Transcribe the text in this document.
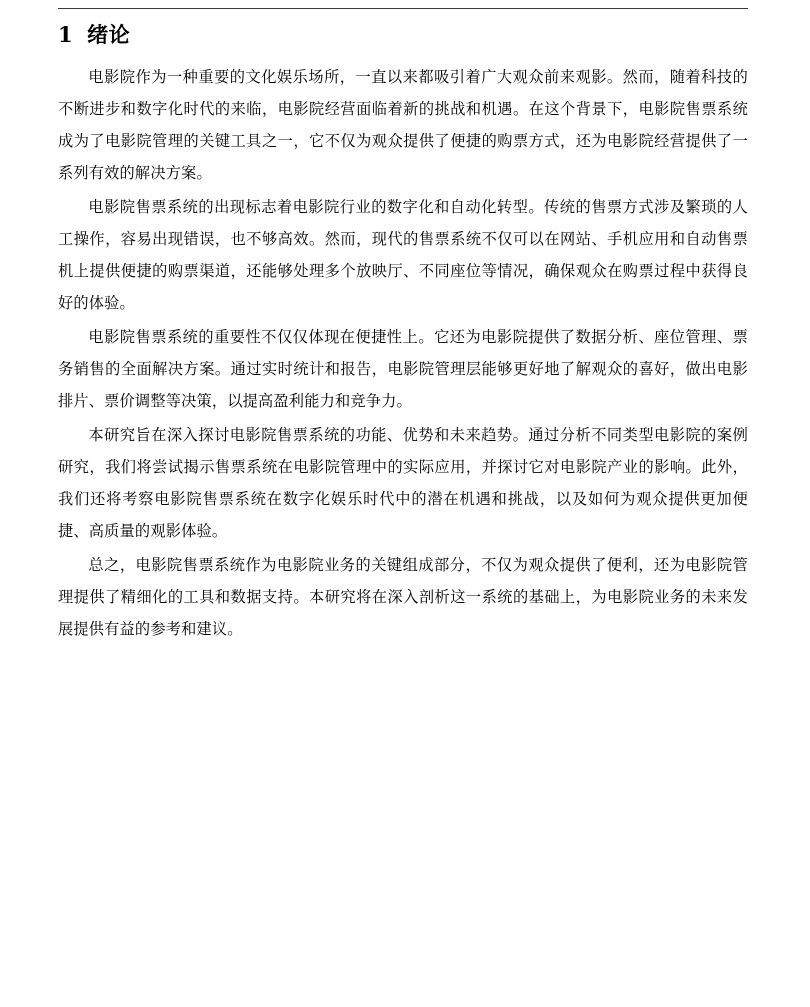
1 绪论

电影院作为一种重要的文化娱乐场所，一直以来都吸引着广大观众前来观影。然而，随着科技的不断进步和数字化时代的来临，电影院经营面临着新的挑战和机遇。在这个背景下，电影院售票系统成为了电影院管理的关键工具之一，它不仅为观众提供了便捷的购票方式，还为电影院经营提供了一系列有效的解决方案。

电影院售票系统的出现标志着电影院行业的数字化和自动化转型。传统的售票方式涉及繁琐的人工操作，容易出现错误，也不够高效。然而，现代的售票系统不仅可以在网站、手机应用和自动售票机上提供便捷的购票渠道，还能够处理多个放映厅、不同座位等情况，确保观众在购票过程中获得良好的体验。

电影院售票系统的重要性不仅仅体现在便捷性上。它还为电影院提供了数据分析、座位管理、票务销售的全面解决方案。通过实时统计和报告，电影院管理层能够更好地了解观众的喜好，做出电影排片、票价调整等决策，以提高盈利能力和竞争力。

本研究旨在深入探讨电影院售票系统的功能、优势和未来趋势。通过分析不同类型电影院的案例研究，我们将尝试揭示售票系统在电影院管理中的实际应用，并探讨它对电影院产业的影响。此外，我们还将考察电影院售票系统在数字化娱乐时代中的潜在机遇和挑战，以及如何为观众提供更加便捷、高质量的观影体验。

总之，电影院售票系统作为电影院业务的关键组成部分，不仅为观众提供了便利，还为电影院管理提供了精细化的工具和数据支持。本研究将在深入剖析这一系统的基础上，为电影院业务的未来发展提供有益的参考和建议。
